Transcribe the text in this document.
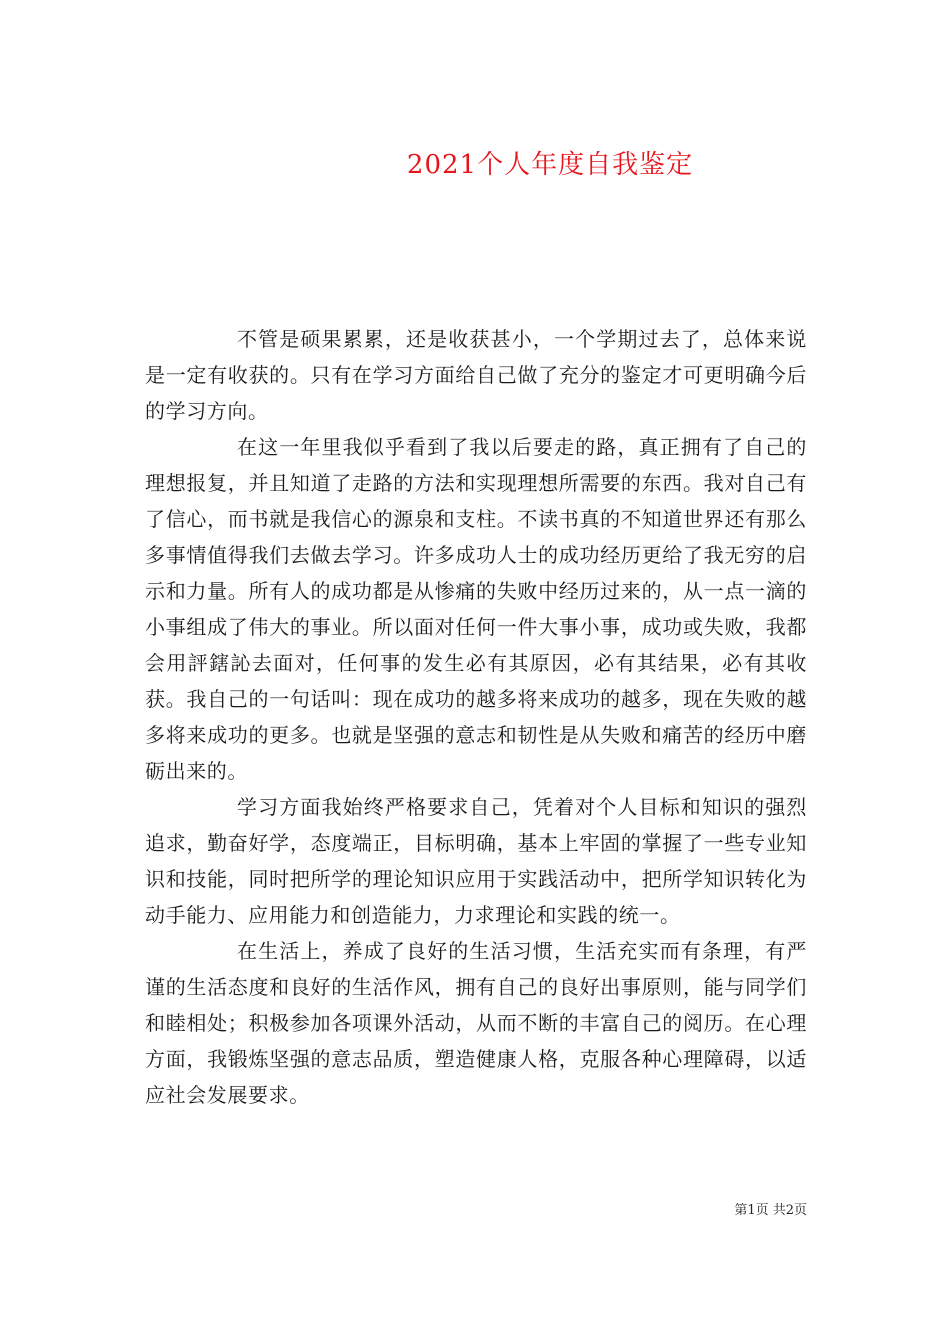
2021个人年度自我鉴定

不管是硕果累累，还是收获甚小，一个学期过去了，总体来说是一定有收获的。只有在学习方面给自己做了充分的鉴定才可更明确今后的学习方向。

在这一年里我似乎看到了我以后要走的路，真正拥有了自己的理想报复，并且知道了走路的方法和实现理想所需要的东西。我对自己有了信心，而书就是我信心的源泉和支柱。不读书真的不知道世界还有那么多事情值得我们去做去学习。许多成功人士的成功经历更给了我无穷的启示和力量。所有人的成功都是从惨痛的失败中经历过来的，从一点一滴的小事组成了伟大的事业。所以面对任何一件大事小事，成功或失败，我都会用評鎋訫去面对，任何事的发生必有其原因，必有其结果，必有其收获。我自己的一句话叫：现在成功的越多将来成功的越多，现在失败的越多将来成功的更多。也就是坚强的意志和韧性是从失败和痛苦的经历中磨砺出来的。

学习方面我始终严格要求自己，凭着对个人目标和知识的强烈追求，勤奋好学，态度端正，目标明确，基本上牢固的掌握了一些专业知识和技能，同时把所学的理论知识应用于实践活动中，把所学知识转化为动手能力、应用能力和创造能力，力求理论和实践的统一。

在生活上，养成了良好的生活习惯，生活充实而有条理，有严谨的生活态度和良好的生活作风，拥有自己的良好出事原则，能与同学们和睦相处；积极参加各项课外活动，从而不断的丰富自己的阅历。在心理方面，我锻炼坚强的意志品质，塑造健康人格，克服各种心理障碍，以适应社会发展要求。

第1页 共2页
